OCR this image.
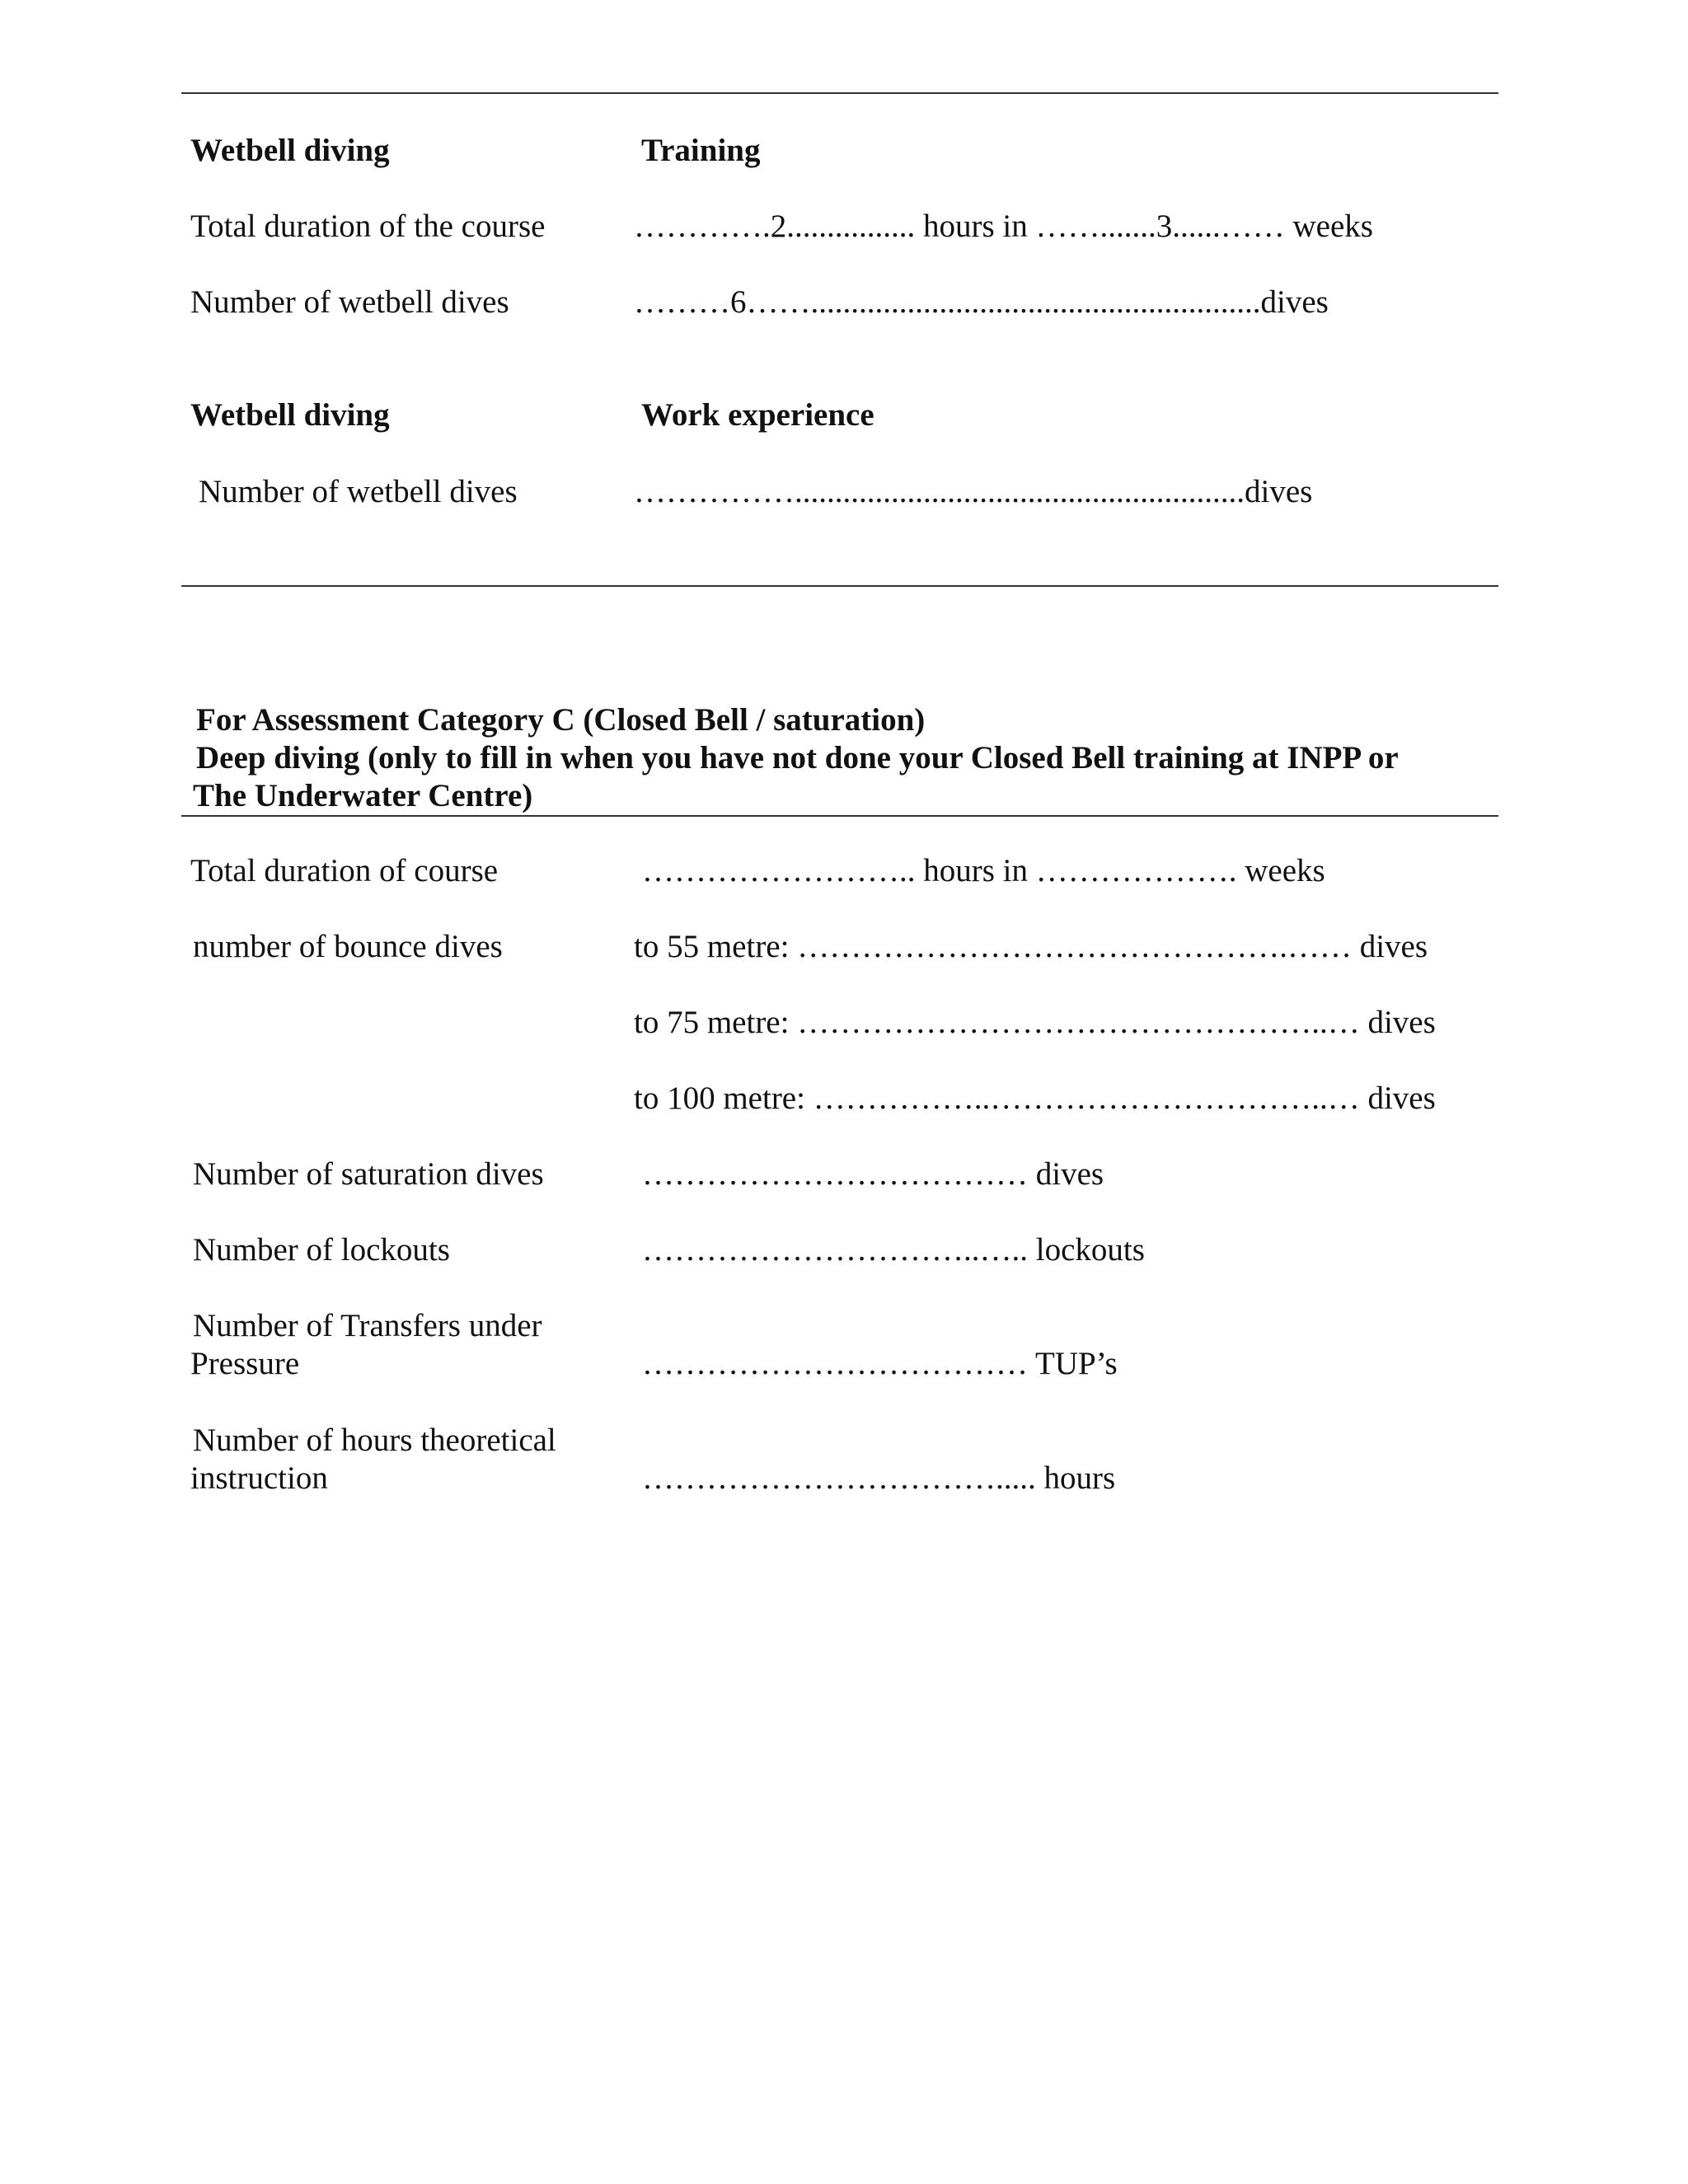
Wetbell diving	Training
Total duration of the course	………….2................ hours in …….......3......…… weeks
Number of wetbell dives	………6……........................................................dives
Wetbell diving	Work experience
Number of wetbell dives	……………........................................................dives
For Assessment Category C (Closed Bell / saturation)
Deep diving (only to fill in when you have not done your Closed Bell training at INPP or
The Underwater Centre)
Total duration of course	…………………….. hours in ………………. weeks
number of bounce dives	to 55 metre: ……………………………………….…… dives
to 75 metre: …………………………………………..… dives
to 100 metre: ……………..…………………………..… dives
Number of saturation dives	……………………………… dives
Number of lockouts	…………………………..….. lockouts
Number of Transfers under
Pressure	……………………………… TUP’s
Number of hours theoretical
instruction	……………………………..... hours
